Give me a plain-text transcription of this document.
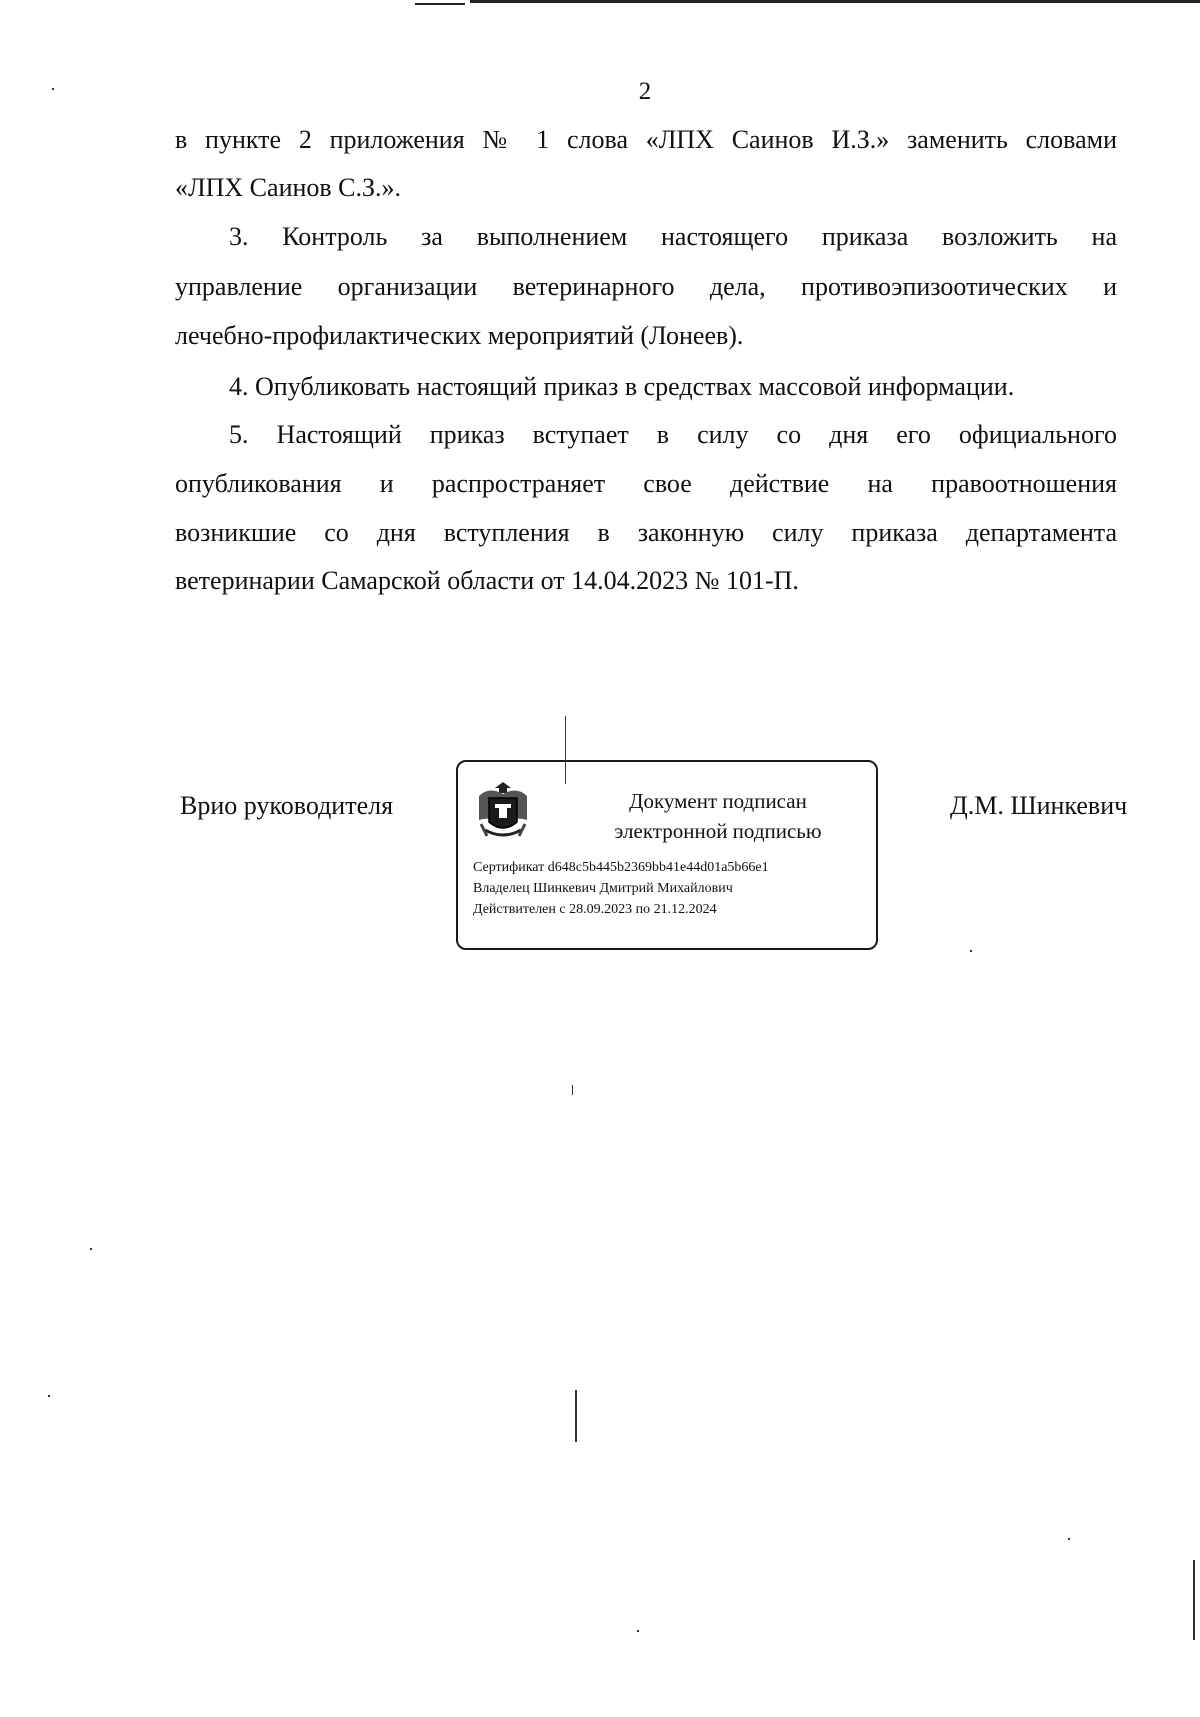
2
в пункте 2 приложения № 1 слова «ЛПХ Саинов И.З.» заменить словами
«ЛПХ Саинов С.З.».
3. Контроль за выполнением настоящего приказа возложить на
управление организации ветеринарного дела, противоэпизоотических и
лечебно-профилактических мероприятий (Лонеев).
4. Опубликовать настоящий приказ в средствах массовой информации.
5. Настоящий приказ вступает в силу со дня его официального
опубликования и распространяет свое действие на правоотношения
возникшие со дня вступления в законную силу приказа департамента
ветеринарии Самарской области от 14.04.2023 № 101-П.
Врио руководителя	Д.М. Шинкевич
Документ подписан
электронной подписью
Сертификат d648c5b445b2369bb41e44d01a5b66e1
Владелец Шинкевич Дмитрий Михайлович
Действителен с 28.09.2023 по 21.12.2024
